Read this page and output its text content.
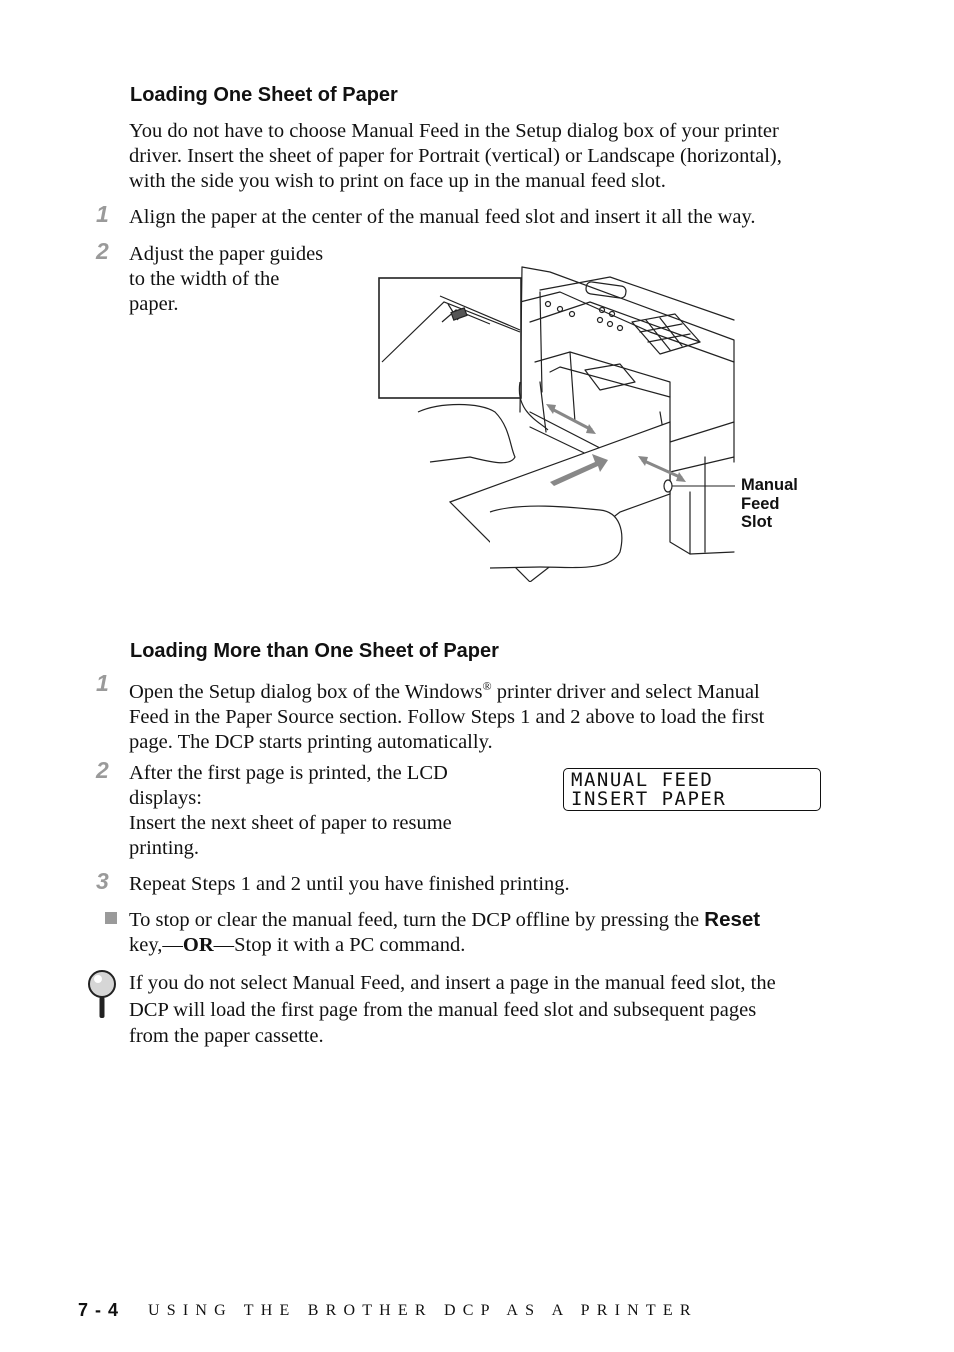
Loading One Sheet of Paper
You do not have to choose Manual Feed in the Setup dialog box of your printer
driver. Insert the sheet of paper for Portrait (vertical) or Landscape (horizontal),
with the side you wish to print on face up in the manual feed slot.
1 Align the paper at the center of the manual feed slot and insert it all the way.
2 Adjust the paper guides
to the width of the
paper.
Manual
Feed
Slot
Loading More than One Sheet of Paper
1 Open the Setup dialog box of the Windows® printer driver and select Manual
Feed in the Paper Source section. Follow Steps 1 and 2 above to load the first
page. The DCP starts printing automatically.
2 After the first page is printed, the LCD
displays:
Insert the next sheet of paper to resume
printing.
MANUAL FEED
INSERT PAPER
3 Repeat Steps 1 and 2 until you have finished printing.
To stop or clear the manual feed, turn the DCP offline by pressing the Reset
key,—OR—Stop it with a PC command.
If you do not select Manual Feed, and insert a page in the manual feed slot, the
DCP will load the first page from the manual feed slot and subsequent pages
from the paper cassette.
7 - 4 USING THE BROTHER DCP AS A PRINTER
